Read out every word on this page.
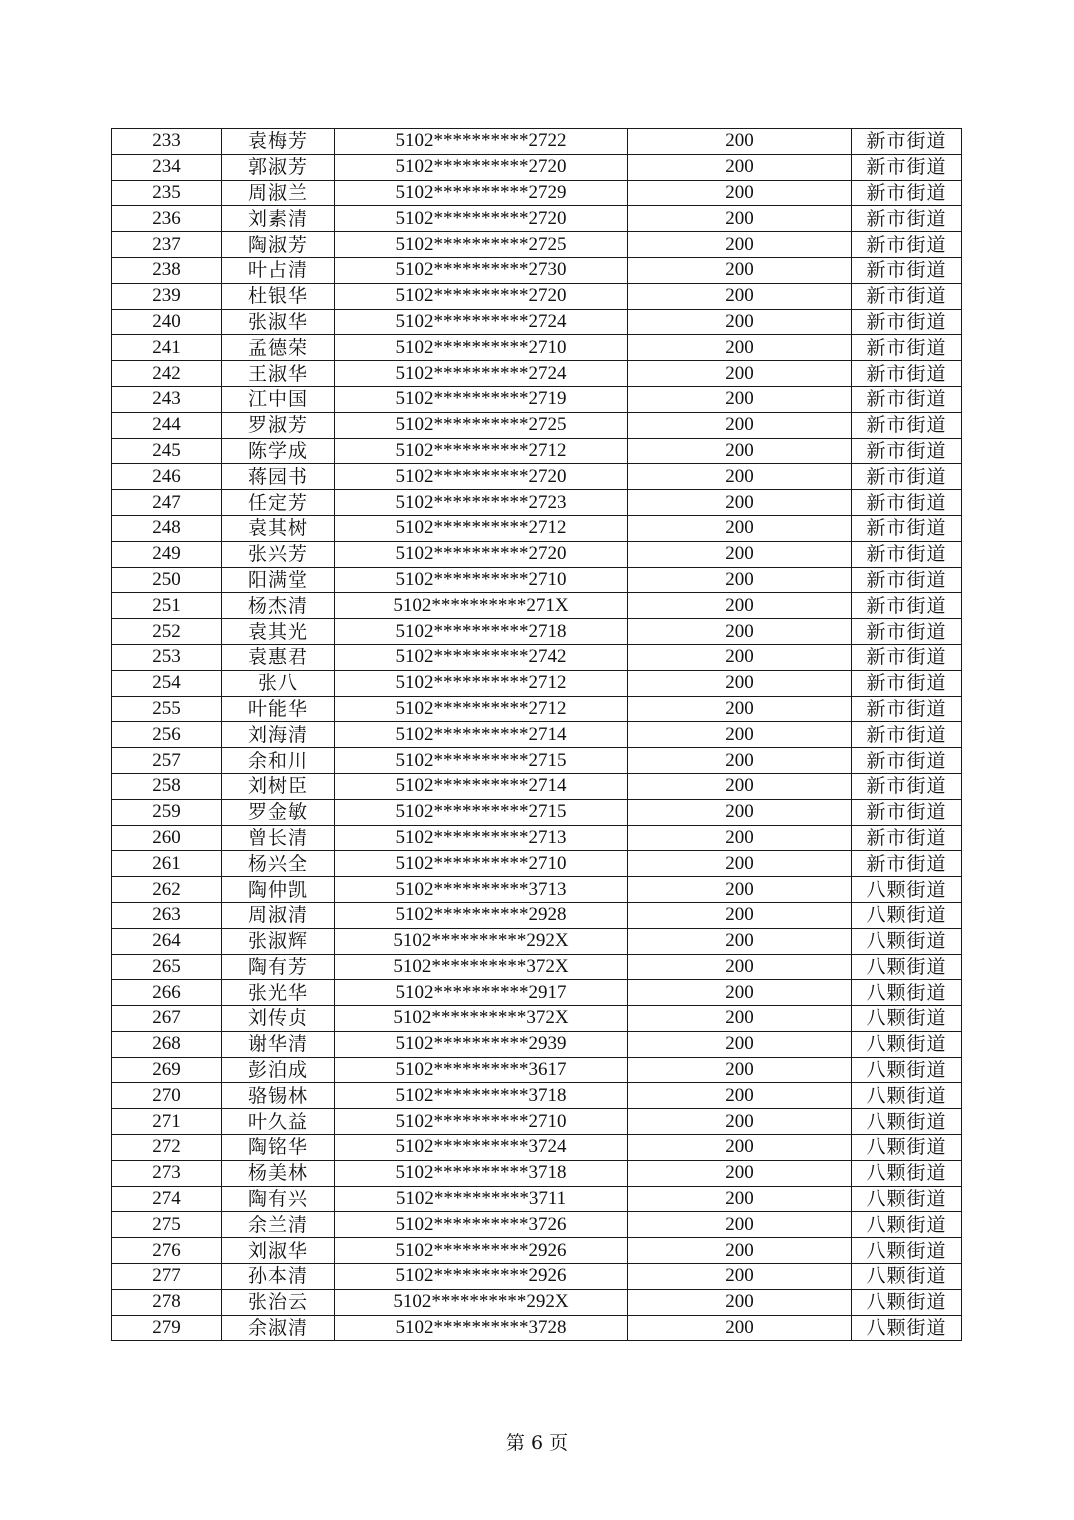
233	袁梅芳	5102**********2722	200	新市街道
234	郭淑芳	5102**********2720	200	新市街道
235	周淑兰	5102**********2729	200	新市街道
236	刘素清	5102**********2720	200	新市街道
237	陶淑芳	5102**********2725	200	新市街道
238	叶占清	5102**********2730	200	新市街道
239	杜银华	5102**********2720	200	新市街道
240	张淑华	5102**********2724	200	新市街道
241	孟德荣	5102**********2710	200	新市街道
242	王淑华	5102**********2724	200	新市街道
243	江中国	5102**********2719	200	新市街道
244	罗淑芳	5102**********2725	200	新市街道
245	陈学成	5102**********2712	200	新市街道
246	蒋园书	5102**********2720	200	新市街道
247	任定芳	5102**********2723	200	新市街道
248	袁其树	5102**********2712	200	新市街道
249	张兴芳	5102**********2720	200	新市街道
250	阳满堂	5102**********2710	200	新市街道
251	杨杰清	5102**********271X	200	新市街道
252	袁其光	5102**********2718	200	新市街道
253	袁惠君	5102**********2742	200	新市街道
254	张八	5102**********2712	200	新市街道
255	叶能华	5102**********2712	200	新市街道
256	刘海清	5102**********2714	200	新市街道
257	余和川	5102**********2715	200	新市街道
258	刘树臣	5102**********2714	200	新市街道
259	罗金敏	5102**********2715	200	新市街道
260	曾长清	5102**********2713	200	新市街道
261	杨兴全	5102**********2710	200	新市街道
262	陶仲凯	5102**********3713	200	八颗街道
263	周淑清	5102**********2928	200	八颗街道
264	张淑辉	5102**********292X	200	八颗街道
265	陶有芳	5102**********372X	200	八颗街道
266	张光华	5102**********2917	200	八颗街道
267	刘传贞	5102**********372X	200	八颗街道
268	谢华清	5102**********2939	200	八颗街道
269	彭泊成	5102**********3617	200	八颗街道
270	骆锡林	5102**********3718	200	八颗街道
271	叶久益	5102**********2710	200	八颗街道
272	陶铭华	5102**********3724	200	八颗街道
273	杨美林	5102**********3718	200	八颗街道
274	陶有兴	5102**********3711	200	八颗街道
275	余兰清	5102**********3726	200	八颗街道
276	刘淑华	5102**********2926	200	八颗街道
277	孙本清	5102**********2926	200	八颗街道
278	张治云	5102**********292X	200	八颗街道
279	余淑清	5102**********3728	200	八颗街道
第 6 页
